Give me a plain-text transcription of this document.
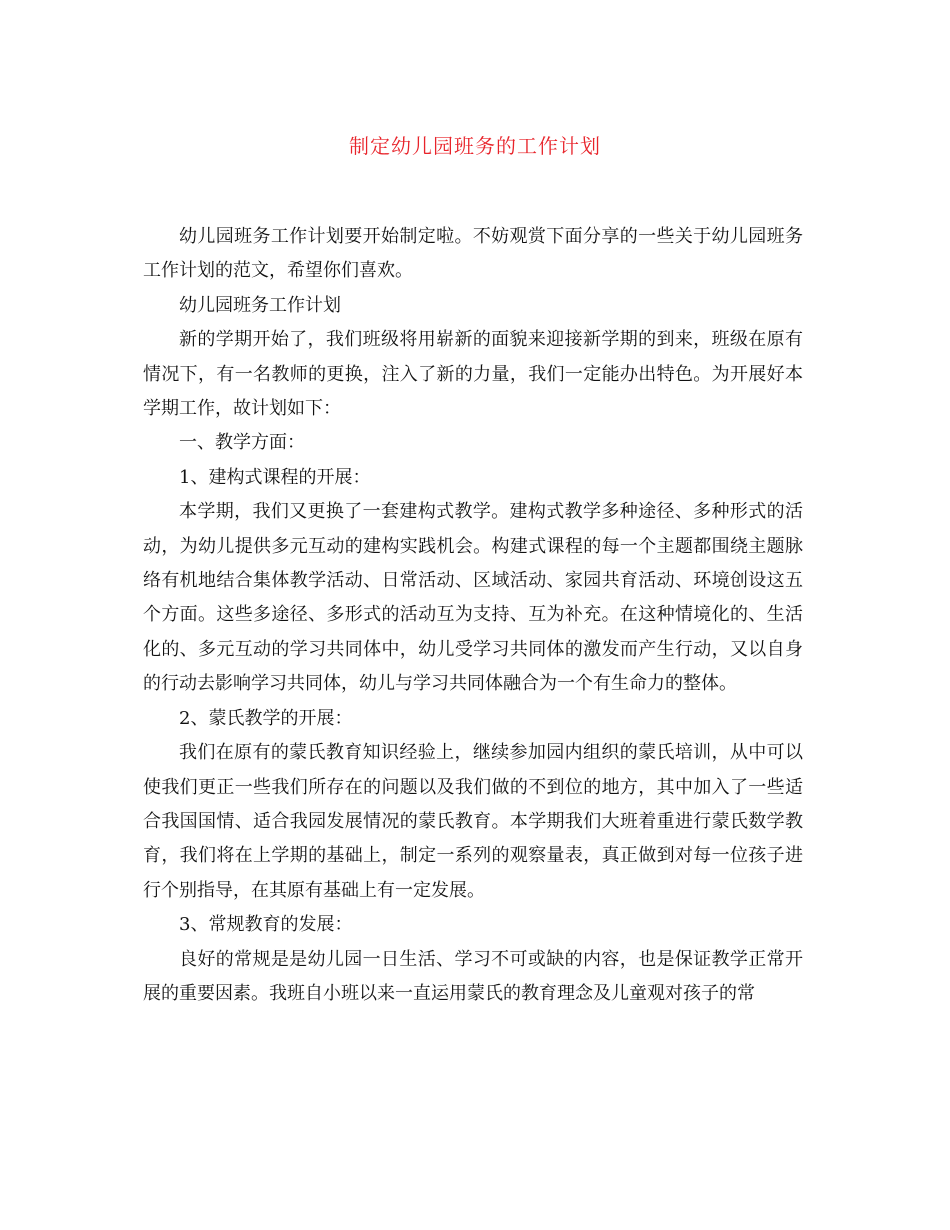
制定幼儿园班务的工作计划

幼儿园班务工作计划要开始制定啦。不妨观赏下面分享的一些关于幼儿园班务工作计划的范文，希望你们喜欢。

幼儿园班务工作计划

新的学期开始了，我们班级将用崭新的面貌来迎接新学期的到来，班级在原有情况下，有一名教师的更换，注入了新的力量，我们一定能办出特色。为开展好本学期工作，故计划如下：

一、教学方面：

1、建构式课程的开展：

本学期，我们又更换了一套建构式教学。建构式教学多种途径、多种形式的活动，为幼儿提供多元互动的建构实践机会。构建式课程的每一个主题都围绕主题脉络有机地结合集体教学活动、日常活动、区域活动、家园共育活动、环境创设这五个方面。这些多途径、多形式的活动互为支持、互为补充。在这种情境化的、生活化的、多元互动的学习共同体中，幼儿受学习共同体的激发而产生行动，又以自身的行动去影响学习共同体，幼儿与学习共同体融合为一个有生命力的整体。

2、蒙氏教学的开展：

我们在原有的蒙氏教育知识经验上，继续参加园内组织的蒙氏培训，从中可以使我们更正一些我们所存在的问题以及我们做的不到位的地方，其中加入了一些适合我国国情、适合我园发展情况的蒙氏教育。本学期我们大班着重进行蒙氏数学教育，我们将在上学期的基础上，制定一系列的观察量表，真正做到对每一位孩子进行个别指导，在其原有基础上有一定发展。

3、常规教育的发展：

良好的常规是是幼儿园一日生活、学习不可或缺的内容，也是保证教学正常开展的重要因素。我班自小班以来一直运用蒙氏的教育理念及儿童观对孩子的常
